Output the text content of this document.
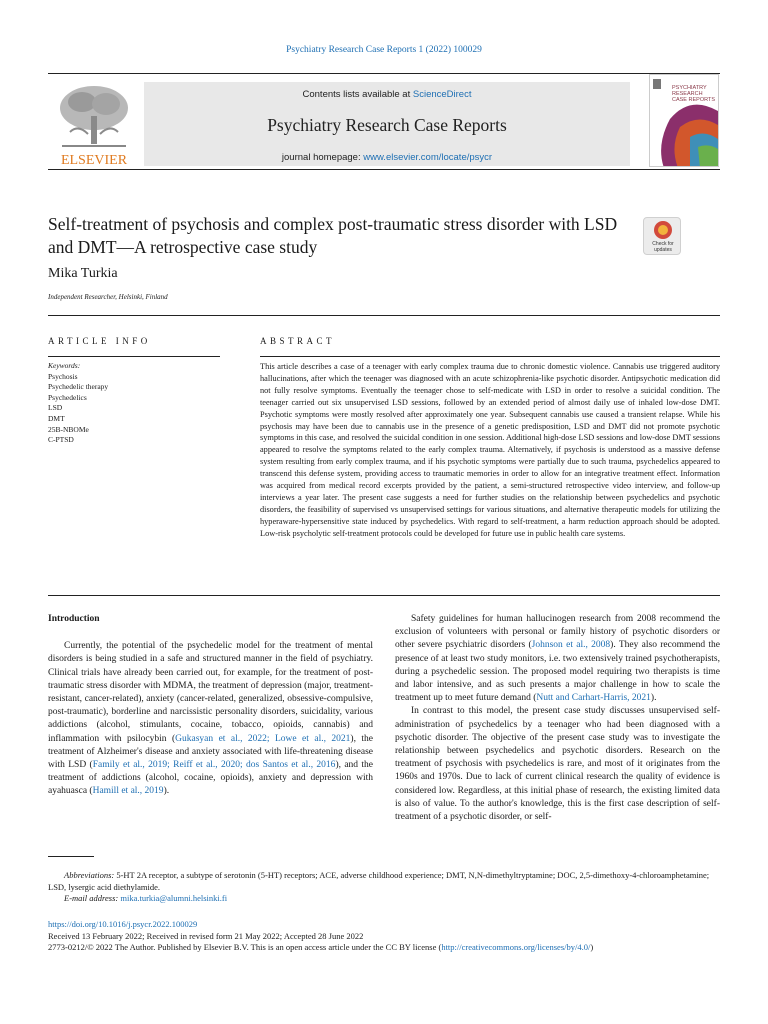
Psychiatry Research Case Reports 1 (2022) 100029
ELSEVIER
Contents lists available at ScienceDirect
Psychiatry Research Case Reports
journal homepage: www.elsevier.com/locate/psycr
PSYCHIATRY RESEARCH CASE REPORTS
Self-treatment of psychosis and complex post-traumatic stress disorder with LSD and DMT—A retrospective case study	Check for updates
Mika Turkia
Independent Researcher, Helsinki, Finland
ARTICLE INFO	ABSTRACT
Keywords:
Psychosis
Psychedelic therapy
Psychedelics
LSD
DMT
25B-NBOMe
C-PTSD
This article describes a case of a teenager with early complex trauma due to chronic domestic violence. Cannabis use triggered auditory hallucinations, after which the teenager was diagnosed with an acute schizophrenia-like psychotic disorder. Antipsychotic medication did not fully resolve symptoms. Eventually the teenager chose to self-medicate with LSD in order to resolve a suicidal condition. The teenager carried out six unsupervised LSD sessions, followed by an extended period of almost daily use of inhaled low-dose DMT. Psychotic symptoms were mostly resolved after approximately one year. Subsequent cannabis use caused a transient relapse. While his psychosis may have been due to cannabis use in the presence of a genetic predisposition, LSD and DMT did not promote psychotic symptoms in this case, and resolved the suicidal condition in one session. Additional high-dose LSD sessions and low-dose DMT sessions appeared to resolve the symptoms related to the early complex trauma. Alternatively, if psychosis is understood as a massive defense system resulting from early complex trauma, and if his psychotic symptoms were partially due to such trauma, psychedelics appeared to transcend this defense system, providing access to traumatic memories in order to allow for an integrative treatment effect. Information was acquired from medical record excerpts provided by the patient, a semi-structured retrospective video interview, and follow-up interviews a year later. The present case suggests a need for further studies on the relationship between psychedelics and psychotic disorders, the feasibility of supervised vs unsupervised settings for various situations, and alternative therapeutic models for utilizing the hyperaware-hypersensitive state induced by psychedelics. With regard to self-treatment, a harm reduction approach should be adopted. Low-risk psycholytic self-treatment protocols could be developed for future use in public health care systems.
Introduction

Currently, the potential of the psychedelic model for the treatment of mental disorders is being studied in a safe and structured manner in the field of psychiatry. Clinical trials have already been carried out, for example, for the treatment of post-traumatic stress disorder with MDMA, the treatment of depression (major, treatment-resistant, cancer-related), anxiety (cancer-related, generalized, obsessive-compulsive, post-traumatic), borderline and narcissistic personality disorders, suicidality, various addictions (alcohol, stimulants, cocaine, tobacco, opioids, cannabis) and inflammation with psilocybin (Gukasyan et al., 2022; Lowe et al., 2021), the treatment of Alzheimer's disease and anxiety associated with life-threatening disease with LSD (Family et al., 2019; Reiff et al., 2020; dos Santos et al., 2016), and the treatment of addictions (alcohol, cocaine, opioids), anxiety and depression with ayahuasca (Hamill et al., 2019).

Safety guidelines for human hallucinogen research from 2008 recommend the exclusion of volunteers with personal or family history of psychotic disorders or other severe psychiatric disorders (Johnson et al., 2008). They also recommend the presence of at least two study monitors, i.e. two extensively trained psychotherapists, during a psychedelic session. The proposed model requiring two therapists is time and labor intensive, and as such presents a major challenge in how to scale the treatment up to meet future demand (Nutt and Carhart-Harris, 2021).

In contrast to this model, the present case study discusses unsupervised self-administration of psychedelics by a teenager who had been diagnosed with a psychotic disorder. The objective of the present case study was to investigate the relationship between psychedelics and psychotic disorders. Research on the treatment of psychosis with psychedelics is rare, and most of it originates from the 1960s and 1970s. Due to lack of current clinical research the quality of evidence is considered low. Regardless, at this initial phase of research, the existing limited data is also of value. To the author's knowledge, this is the first case description of self-treatment of a psychotic disorder, or self-

Abbreviations: 5-HT 2A receptor, a subtype of serotonin (5-HT) receptors; ACE, adverse childhood experience; DMT, N,N-dimethyltryptamine; DOC, 2,5-dimethoxy-4-chloroamphetamine; LSD, lysergic acid diethylamide.

E-mail address: mika.turkia@alumni.helsinki.fi

https://doi.org/10.1016/j.psycr.2022.100029
Received 13 February 2022; Received in revised form 21 May 2022; Accepted 28 June 2022
2773-0212/© 2022 The Author. Published by Elsevier B.V. This is an open access article under the CC BY license (http://creativecommons.org/licenses/by/4.0/)
